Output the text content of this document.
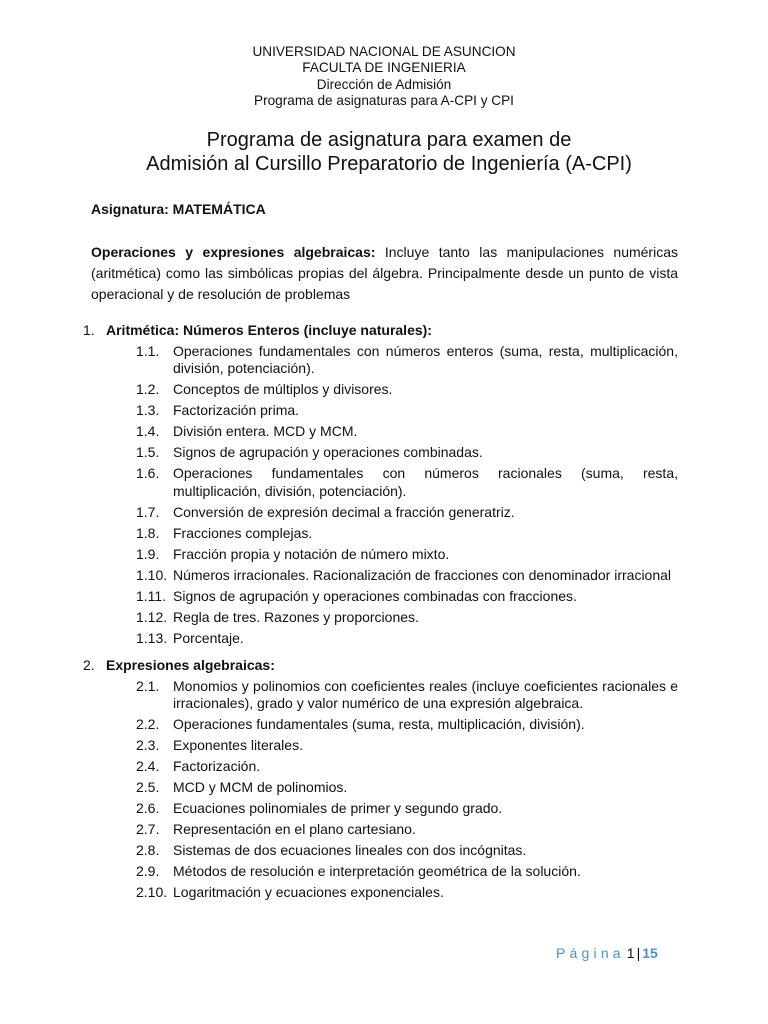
UNIVERSIDAD NACIONAL DE ASUNCION
FACULTA DE INGENIERIA
Dirección de Admisión
Programa de asignaturas para A-CPI y CPI
Programa de asignatura para examen de
Admisión al Cursillo Preparatorio de Ingeniería (A-CPI)
Asignatura: MATEMÁTICA
Operaciones y expresiones algebraicas: Incluye tanto las manipulaciones numéricas (aritmética) como las simbólicas propias del álgebra. Principalmente desde un punto de vista operacional y de resolución de problemas
1. Aritmética: Números Enteros (incluye naturales):
1.1. Operaciones fundamentales con números enteros (suma, resta, multiplicación, división, potenciación).
1.2. Conceptos de múltiplos y divisores.
1.3. Factorización prima.
1.4. División entera. MCD y MCM.
1.5. Signos de agrupación y operaciones combinadas.
1.6. Operaciones fundamentales con números racionales (suma, resta, multiplicación, división, potenciación).
1.7. Conversión de expresión decimal a fracción generatriz.
1.8. Fracciones complejas.
1.9. Fracción propia y notación de número mixto.
1.10. Números irracionales. Racionalización de fracciones con denominador irracional
1.11. Signos de agrupación y operaciones combinadas con fracciones.
1.12. Regla de tres. Razones y proporciones.
1.13. Porcentaje.
2. Expresiones algebraicas:
2.1. Monomios y polinomios con coeficientes reales (incluye coeficientes racionales e irracionales), grado y valor numérico de una expresión algebraica.
2.2. Operaciones fundamentales (suma, resta, multiplicación, división).
2.3. Exponentes literales.
2.4. Factorización.
2.5. MCD y MCM de polinomios.
2.6. Ecuaciones polinomiales de primer y segundo grado.
2.7. Representación en el plano cartesiano.
2.8. Sistemas de dos ecuaciones lineales con dos incógnitas.
2.9. Métodos de resolución e interpretación geométrica de la solución.
2.10. Logaritmación y ecuaciones exponenciales.
Página 1 | 15
